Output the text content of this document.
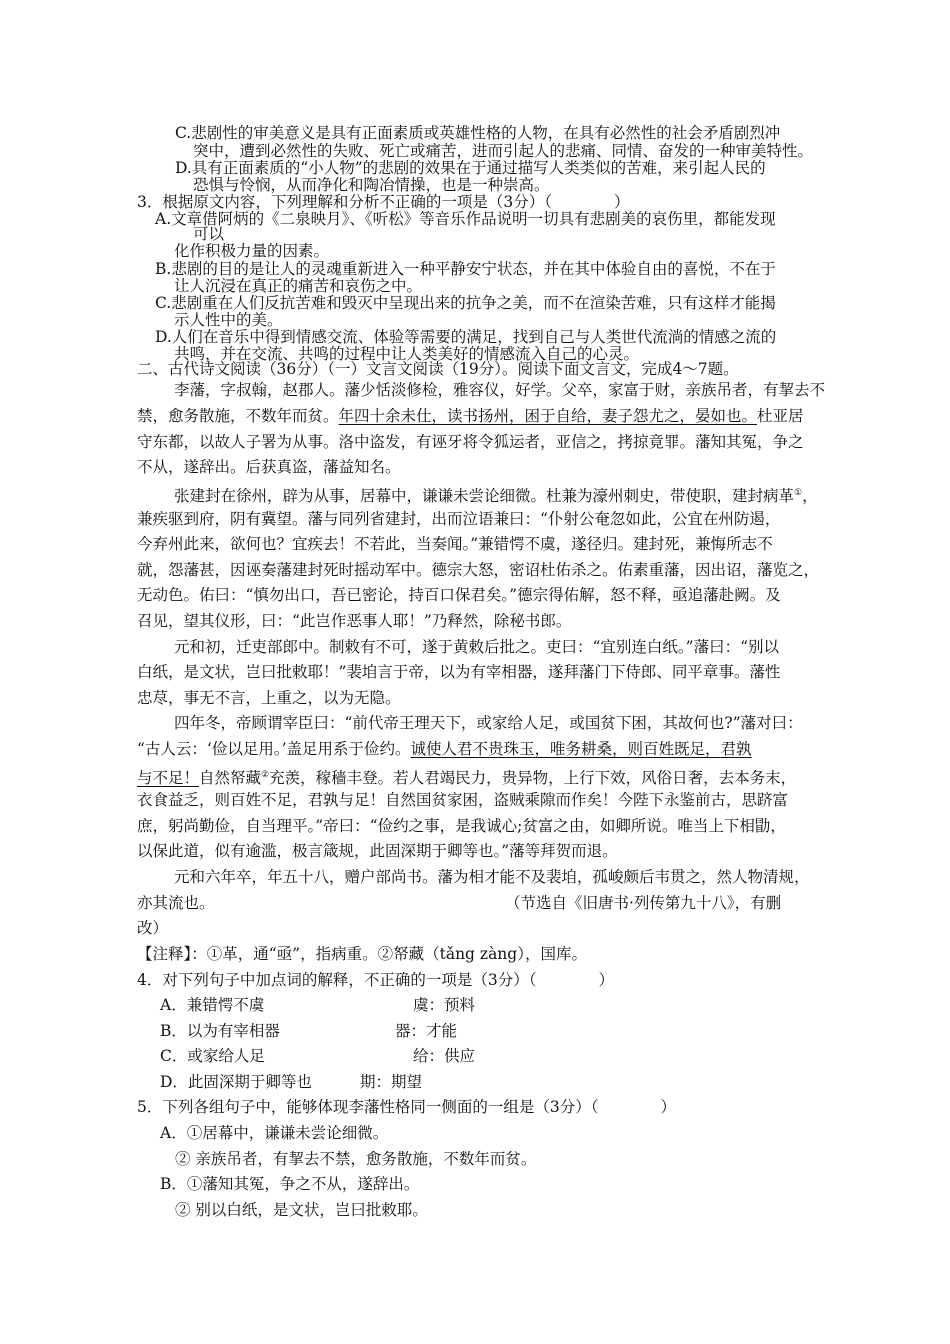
C.悲剧性的审美意义是具有正面素质或英雄性格的人物，在具有必然性的社会矛盾剧烈冲
突中，遭到必然性的失败、死亡或痛苦，进而引起人的悲痛、同情、奋发的一种审美特性。
D.具有正面素质的“小人物”的悲剧的效果在于通过描写人类类似的苦难，来引起人民的
恐惧与怜悯，从而净化和陶冶情操，也是一种崇高。
3．根据原文内容，下列理解和分析不正确的一项是（3分）（　　　　）
A.文章借阿炳的《二泉映月》、《听松》等音乐作品说明一切具有悲剧美的哀伤里，都能发现
可以
化作积极力量的因素。
B.悲剧的目的是让人的灵魂重新进入一种平静安宁状态，并在其中体验自由的喜悦，不在于
让人沉浸在真正的痛苦和哀伤之中。
C.悲剧重在人们反抗苦难和毁灭中呈现出来的抗争之美，而不在渲染苦难，只有这样才能揭
示人性中的美。
D.人们在音乐中得到情感交流、体验等需要的满足，找到自己与人类世代流淌的情感之流的
共鸣，并在交流、共鸣的过程中让人类美好的情感流入自己的心灵。
二、古代诗文阅读（36分）（一）文言文阅读（19分）。阅读下面文言文，完成4～7题。
李藩，字叔翰，赵郡人。藩少恬淡修检，雅容仪，好学。父卒，家富于财，亲族吊者，有挈去不
禁，愈务散施，不数年而贫。年四十余未仕，读书扬州，困于自给，妻子怨尤之，晏如也。杜亚居
守东都，以故人子署为从事。洛中盗发，有诬牙将令狐运者，亚信之，拷掠竟罪。藩知其冤，争之
不从，遂辞出。后获真盗，藩益知名。
张建封在徐州，辟为从事，居幕中，谦谦未尝论细微。杜兼为濠州刺史，带使职，建封病革①，
兼疾驱到府，阴有冀望。藩与同列省建封，出而泣语兼曰：“仆射公奄忽如此，公宜在州防遏，
今弃州此来，欲何也？宜疾去！不若此，当奏闻。”兼错愕不虞，遂径归。建封死，兼悔所志不
就，怨藩甚，因诬奏藩建封死时摇动军中。德宗大怒，密诏杜佑杀之。佑素重藩，因出诏，藩览之，
无动色。佑曰：“慎勿出口，吾已密论，持百口保君矣。”德宗得佑解，怒不释，亟追藩赴阙。及
召见，望其仪形，曰：“此岂作恶事人耶！”乃释然，除秘书郎。
元和初，迁吏部郎中。制敕有不可，遂于黄敕后批之。吏曰：“宜别连白纸。”藩曰：“别以
白纸，是文状，岂曰批敕耶！”裴垍言于帝，以为有宰相器，遂拜藩门下侍郎、同平章事。藩性
忠荩，事无不言，上重之，以为无隐。
四年冬，帝顾谓宰臣曰：“前代帝王理天下，或家给人足，或国贫下困，其故何也?”藩对曰：
“古人云：‘俭以足用。’盖足用系于俭约。诚使人君不贵珠玉，唯务耕桑，则百姓既足，君孰
与不足！自然帑藏②充羡，稼穑丰登。若人君竭民力，贵异物，上行下效，风俗日奢，去本务末，
衣食益乏，则百姓不足，君孰与足！自然国贫家困，盗贼乘隙而作矣！今陛下永鉴前古，思跻富
庶，躬尚勤俭，自当理平。”帝曰：“俭约之事，是我诚心;贫富之由，如卿所说。唯当上下相勖，
以保此道，似有逾滥，极言箴规，此固深期于卿等也。”藩等拜贺而退。
元和六年卒，年五十八，赠户部尚书。藩为相才能不及裴垍，孤峻颇后韦贯之，然人物清规，
亦其流也。	（节选自《旧唐书·列传第九十八》，有删
改）
【注释】：①革，通“亟”，指病重。②帑藏（tǎng zàng），国库。
4．对下列句子中加点词的解释，不正确的一项是（3分）（　　　　）
A．兼错愕不虞	虞：预料
B．以为有宰相器	器：才能
C．或家给人足	给：供应
D．此固深期于卿等也	期：期望
5．下列各组句子中，能够体现李藩性格同一侧面的一组是（3分）（　　　　）
A．①居幕中，谦谦未尝论细微。
② 亲族吊者，有挈去不禁，愈务散施，不数年而贫。
B．①藩知其冤，争之不从，遂辞出。
② 别以白纸，是文状，岂曰批敕耶。
